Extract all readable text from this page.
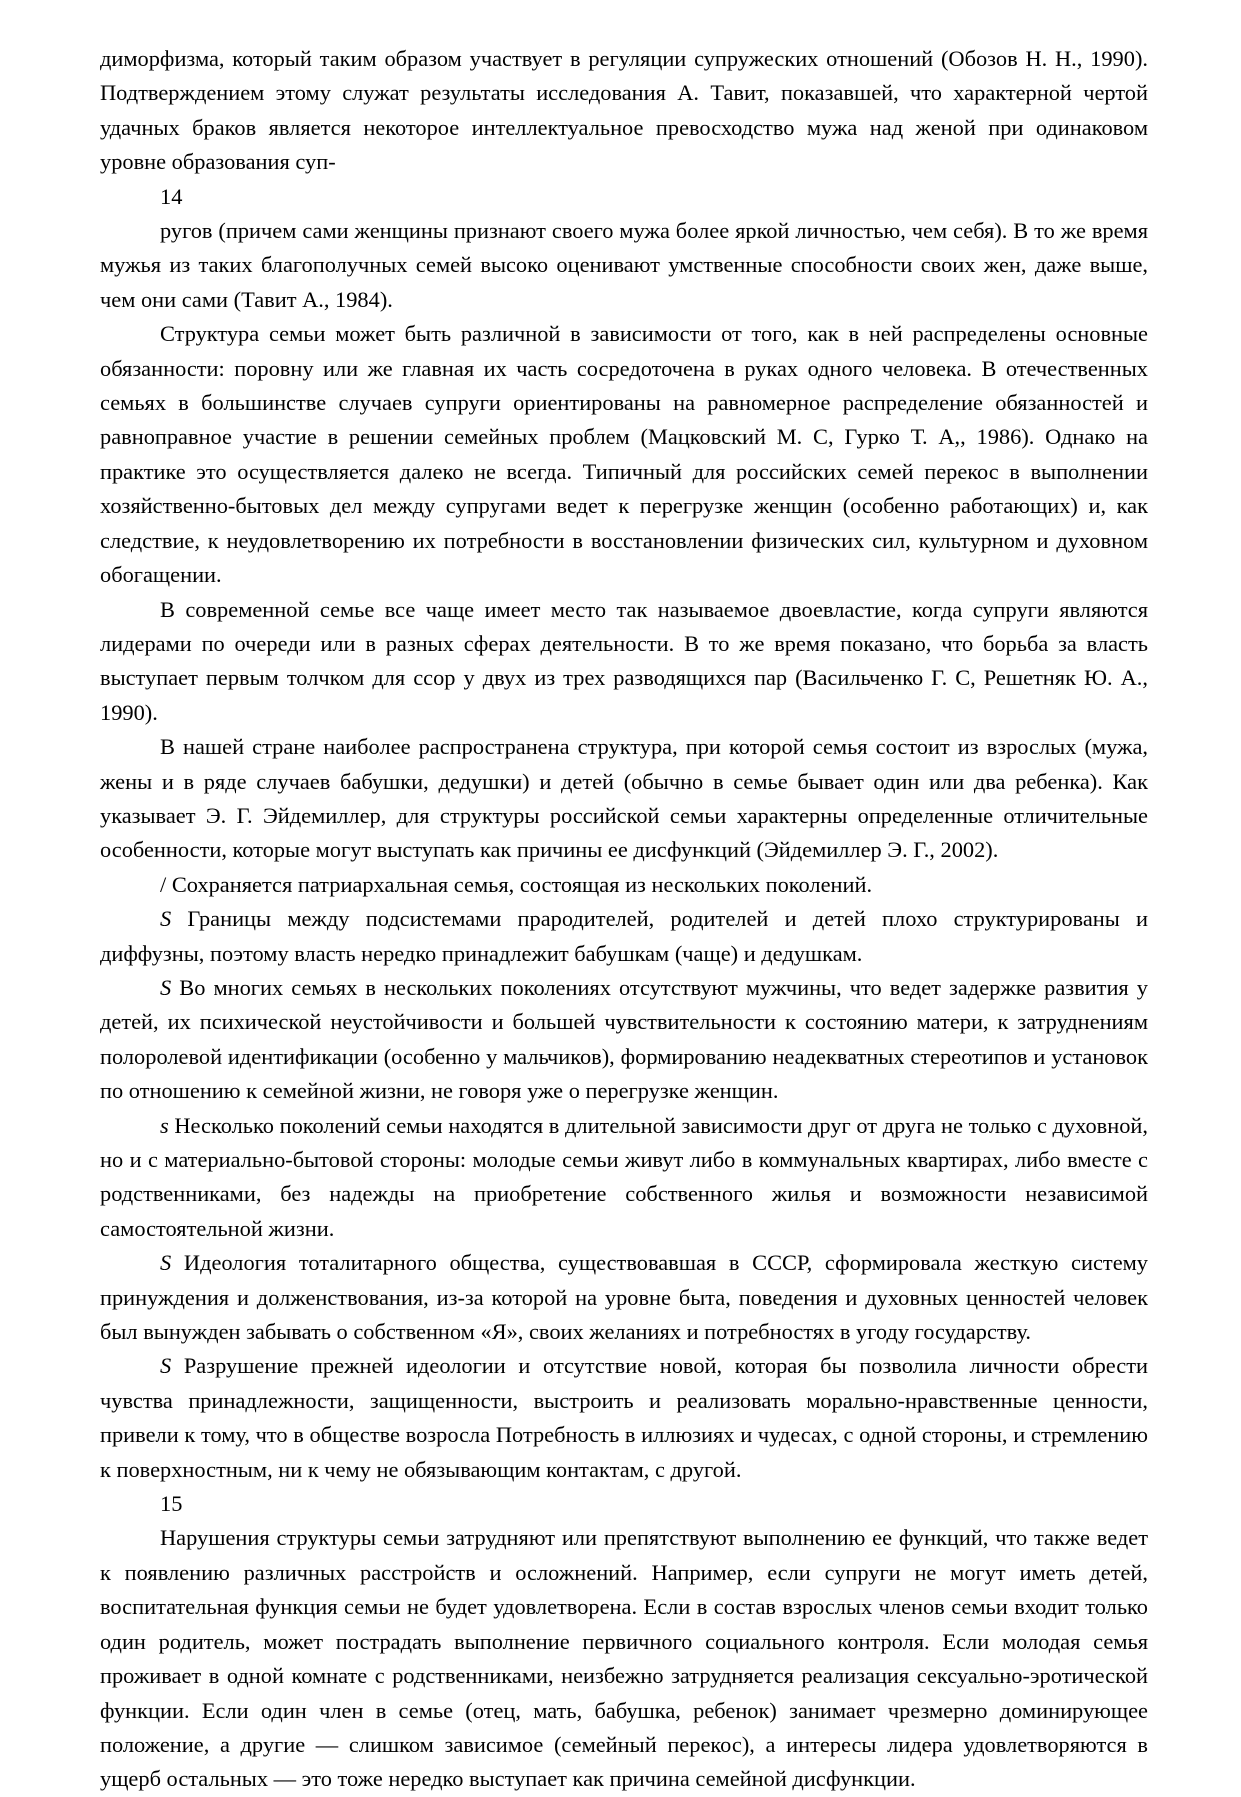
диморфизма, который таким образом участвует в регуляции супружеских отношений (Обозов Н. Н., 1990). Подтверждением этому служат результаты исследования А. Тавит, показавшей, что характерной чертой удачных браков является некоторое интеллектуальное превосходство мужа над женой при одинаковом уровне образования суп-

14

ругов (причем сами женщины признают своего мужа более яркой личностью, чем себя). В то же время мужья из таких благополучных семей высоко оценивают умственные способности своих жен, даже выше, чем они сами (Тавит А., 1984).

Структура семьи может быть различной в зависимости от того, как в ней распределены основные обязанности: поровну или же главная их часть сосредоточена в руках одного человека. В отечественных семьях в большинстве случаев супруги ориентированы на равномерное распределение обязанностей и равноправное участие в решении семейных проблем (Мацковский М. С, Гурко Т. А,, 1986). Однако на практике это осуществляется далеко не всегда. Типичный для российских семей перекос в выполнении хозяйственно-бытовых дел между супругами ведет к перегрузке женщин (особенно работающих) и, как следствие, к неудовлетворению их потребности в восстановлении физических сил, культурном и духовном обогащении.

В современной семье все чаще имеет место так называемое двоевластие, когда супруги являются лидерами по очереди или в разных сферах деятельности. В то же время показано, что борьба за власть выступает первым толчком для ссор у двух из трех разводящихся пар (Васильченко Г. С, Решетняк Ю. А., 1990).

В нашей стране наиболее распространена структура, при которой семья состоит из взрослых (мужа, жены и в ряде случаев бабушки, дедушки) и детей (обычно в семье бывает один или два ребенка). Как указывает Э. Г. Эйдемиллер, для структуры российской семьи характерны определенные отличительные особенности, которые могут выступать как причины ее дисфункций (Эйдемиллер Э. Г., 2002).

/ Сохраняется патриархальная семья, состоящая из нескольких поколений.

S Границы между подсистемами прародителей, родителей и детей плохо структурированы и диффузны, поэтому власть нередко принадлежит бабушкам (чаще) и дедушкам.

S Во многих семьях в нескольких поколениях отсутствуют мужчины, что ведет задержке развития у детей, их психической неустойчивости и большей чувствительности к состоянию матери, к затруднениям полоролевой идентификации (особенно у мальчиков), формированию неадекватных стереотипов и установок по отношению к семейной жизни, не говоря уже о перегрузке женщин.

s Несколько поколений семьи находятся в длительной зависимости друг от друга не только с духовной, но и с материально-бытовой стороны: молодые семьи живут либо в коммунальных квартирах, либо вместе с родственниками, без надежды на приобретение собственного жилья и возможности независимой самостоятельной жизни.

S Идеология тоталитарного общества, существовавшая в СССР, сформировала жесткую систему принуждения и долженствования, из-за которой на уровне быта, поведения и духовных ценностей человек был вынужден забывать о собственном «Я», своих желаниях и потребностях в угоду государству.

S Разрушение прежней идеологии и отсутствие новой, которая бы позволила личности обрести чувства принадлежности, защищенности, выстроить и реализовать морально-нравственные ценности, привели к тому, что в обществе возросла Потребность в иллюзиях и чудесах, с одной стороны, и стремлению к поверхностным, ни к чему не обязывающим контактам, с другой.

15

Нарушения структуры семьи затрудняют или препятствуют выполнению ее функций, что также ведет к появлению различных расстройств и осложнений. Например, если супруги не могут иметь детей, воспитательная функция семьи не будет удовлетворена. Если в состав взрослых членов семьи входит только один родитель, может пострадать выполнение первичного социального контроля. Если молодая семья проживает в одной комнате с родственниками, неизбежно затрудняется реализация сексуально-эротической функции. Если один член в семье (отец, мать, бабушка, ребенок) занимает чрезмерно доминирующее положение, а другие — слишком зависимое (семейный перекос), а интересы лидера удовлетворяются в ущерб остальных — это тоже нередко выступает как причина семейной дисфункции.
